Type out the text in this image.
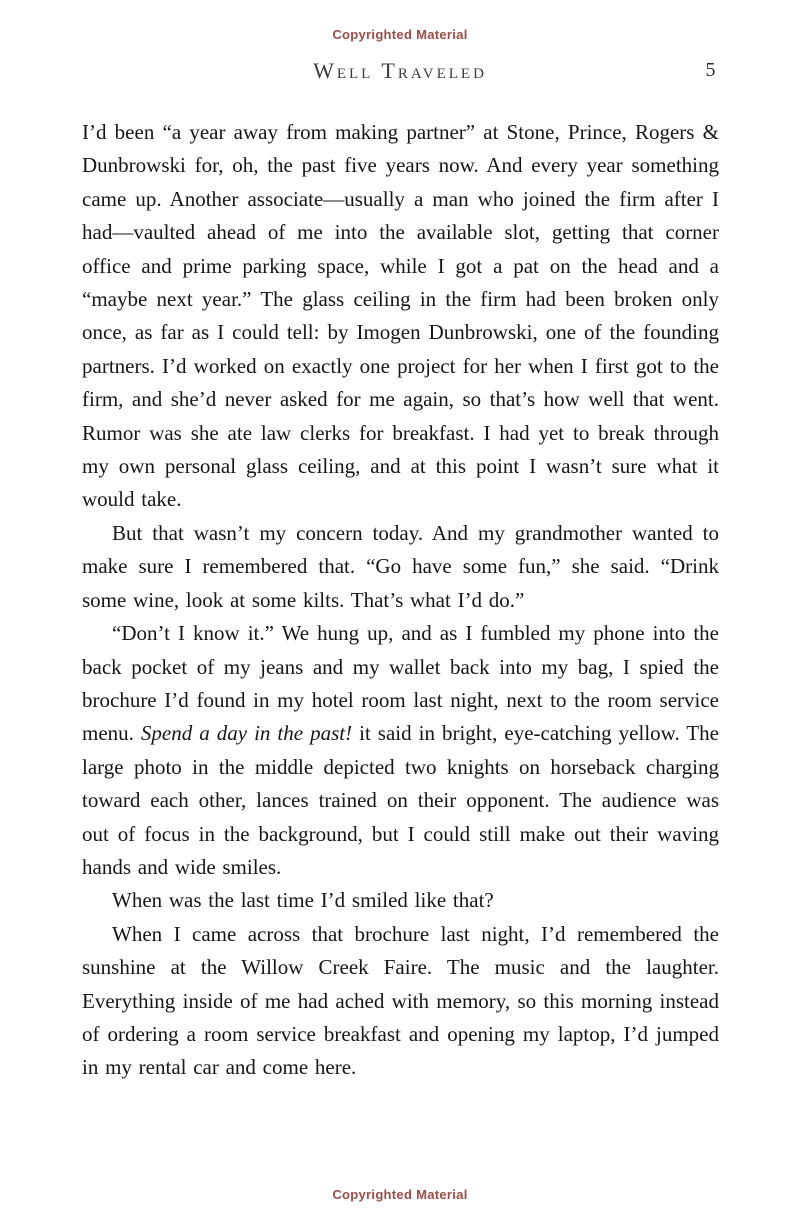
Copyrighted Material
Well Traveled	5

I’d been “a year away from making partner” at Stone, Prince, Rogers & Dunbrowski for, oh, the past five years now. And every year something came up. Another associate—usually a man who joined the firm after I had—vaulted ahead of me into the available slot, getting that corner office and prime parking space, while I got a pat on the head and a “maybe next year.” The glass ceiling in the firm had been broken only once, as far as I could tell: by Imogen Dunbrowski, one of the founding partners. I’d worked on exactly one project for her when I first got to the firm, and she’d never asked for me again, so that’s how well that went. Rumor was she ate law clerks for breakfast. I had yet to break through my own personal glass ceiling, and at this point I wasn’t sure what it would take.

But that wasn’t my concern today. And my grandmother wanted to make sure I remembered that. “Go have some fun,” she said. “Drink some wine, look at some kilts. That’s what I’d do.”

“Don’t I know it.” We hung up, and as I fumbled my phone into the back pocket of my jeans and my wallet back into my bag, I spied the brochure I’d found in my hotel room last night, next to the room service menu. Spend a day in the past! it said in bright, eye-catching yellow. The large photo in the middle depicted two knights on horseback charging toward each other, lances trained on their opponent. The audience was out of focus in the background, but I could still make out their waving hands and wide smiles.

When was the last time I’d smiled like that?

When I came across that brochure last night, I’d remembered the sunshine at the Willow Creek Faire. The music and the laughter. Everything inside of me had ached with memory, so this morning instead of ordering a room service breakfast and opening my laptop, I’d jumped in my rental car and come here.

Copyrighted Material
